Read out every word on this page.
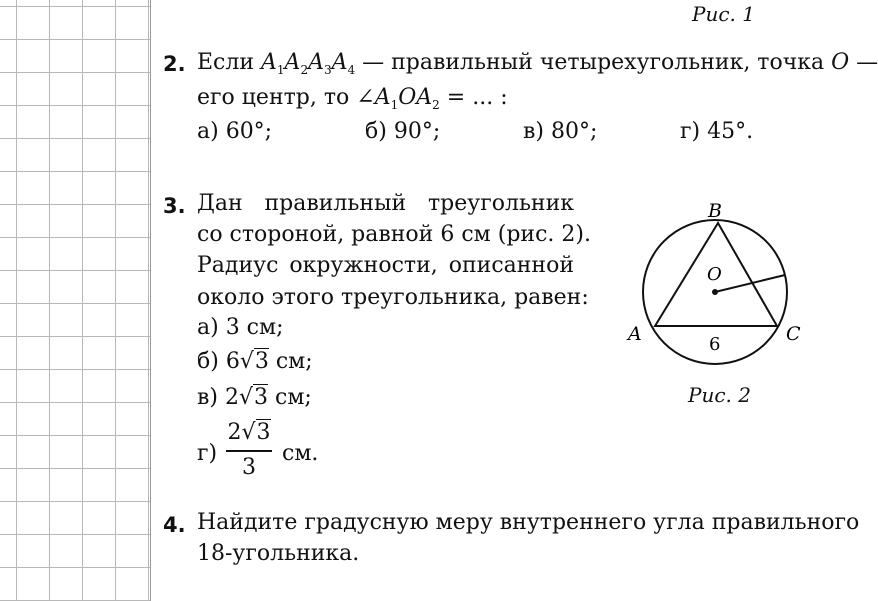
Рис. 1
2. Если $A_1A_2A_3A_4$ — правильный четырехугольник, точка O —
его центр, то $\angle A_1OA_2$ = ... :
а) 60°;	б) 90°;	в) 80°;	г) 45°.
3. Дан правильный треугольник
со стороной, равной 6 см (рис. 2).
Радиус окружности, описанной
около этого треугольника, равен:
а) 3 см;
б) 6√3 см;
в) 2√3 см;
г)
2√3
3
см.
B
A	C
O
6
Рис. 2
4. Найдите градусную меру внутреннего угла правильного
18-угольника.
